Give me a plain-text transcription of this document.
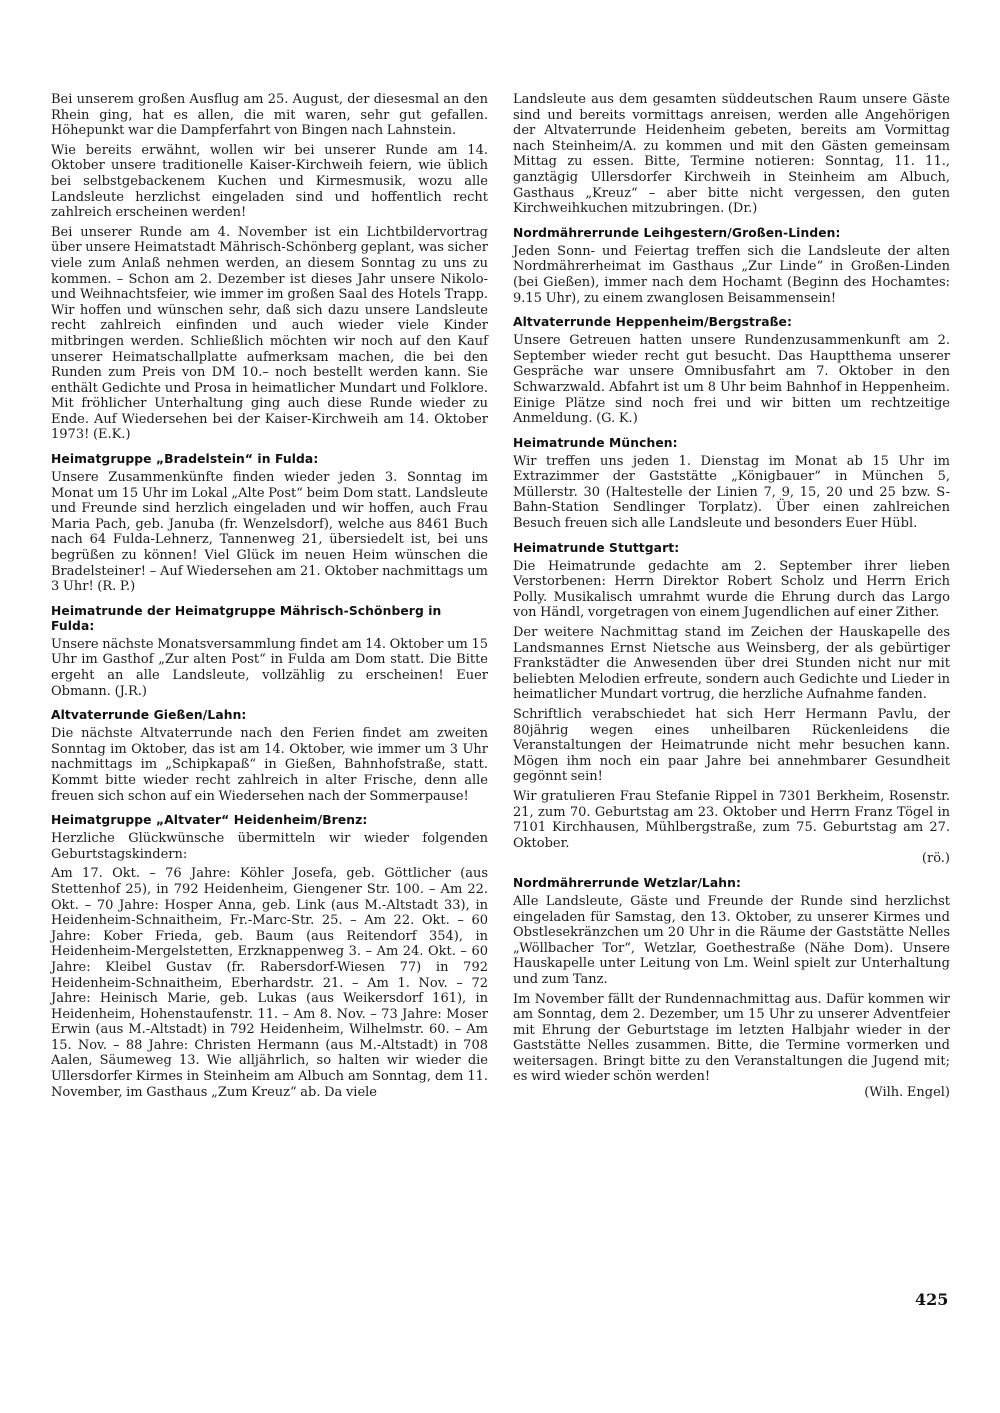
Bei unserem großen Ausflug am 25. August, der diesesmal an den Rhein ging, hat es allen, die mit waren, sehr gut gefallen. Höhepunkt war die Dampferfahrt von Bingen nach Lahnstein.

Wie bereits erwähnt, wollen wir bei unserer Runde am 14. Oktober unsere traditionelle Kaiser-Kirchweih feiern, wie üblich bei selbstgebackenem Kuchen und Kirmesmusik, wozu alle Landsleute herzlichst eingeladen sind und hoffentlich recht zahlreich erscheinen werden!

Bei unserer Runde am 4. November ist ein Lichtbildervortrag über unsere Heimatstadt Mährisch-Schönberg geplant, was sicher viele zum Anlaß nehmen werden, an diesem Sonntag zu uns zu kommen. – Schon am 2. Dezember ist dieses Jahr unsere Nikolo- und Weihnachtsfeier, wie immer im großen Saal des Hotels Trapp. Wir hoffen und wünschen sehr, daß sich dazu unsere Landsleute recht zahlreich einfinden und auch wieder viele Kinder mitbringen werden. Schließlich möchten wir noch auf den Kauf unserer Heimatschallplatte aufmerksam machen, die bei den Runden zum Preis von DM 10.– noch bestellt werden kann. Sie enthält Gedichte und Prosa in heimatlicher Mundart und Folklore. Mit fröhlicher Unterhaltung ging auch diese Runde wieder zu Ende. Auf Wiedersehen bei der Kaiser-Kirchweih am 14. Oktober 1973! (E.K.)

Heimatgruppe „Bradelstein“ in Fulda:

Unsere Zusammenkünfte finden wieder jeden 3. Sonntag im Monat um 15 Uhr im Lokal „Alte Post“ beim Dom statt. Landsleute und Freunde sind herzlich eingeladen und wir hoffen, auch Frau Maria Pach, geb. Januba (fr. Wenzelsdorf), welche aus 8461 Buch nach 64 Fulda-Lehnerz, Tannenweg 21, übersiedelt ist, bei uns begrüßen zu können! Viel Glück im neuen Heim wünschen die Bradelsteiner! – Auf Wiedersehen am 21. Oktober nachmittags um 3 Uhr! (R. P.)

Heimatrunde der Heimatgruppe Mährisch-Schönberg in Fulda:

Unsere nächste Monatsversammlung findet am 14. Oktober um 15 Uhr im Gasthof „Zur alten Post“ in Fulda am Dom statt. Die Bitte ergeht an alle Landsleute, vollzählig zu erscheinen! Euer Obmann. (J.R.)

Altvaterrunde Gießen/Lahn:

Die nächste Altvaterrunde nach den Ferien findet am zweiten Sonntag im Oktober, das ist am 14. Oktober, wie immer um 3 Uhr nachmittags im „Schipkapaß“ in Gießen, Bahnhofstraße, statt. Kommt bitte wieder recht zahlreich in alter Frische, denn alle freuen sich schon auf ein Wiedersehen nach der Sommerpause!

Heimatgruppe „Altvater“ Heidenheim/Brenz:

Herzliche Glückwünsche übermitteln wir wieder folgenden Geburtstagskindern:

Am 17. Okt. – 76 Jahre: Köhler Josefa, geb. Göttlicher (aus Stettenhof 25), in 792 Heidenheim, Giengener Str. 100. – Am 22. Okt. – 70 Jahre: Hosper Anna, geb. Link (aus M.-Altstadt 33), in Heidenheim-Schnaitheim, Fr.-Marc-Str. 25. – Am 22. Okt. – 60 Jahre: Kober Frieda, geb. Baum (aus Reitendorf 354), in Heidenheim-Mergelstetten, Erzknappenweg 3. – Am 24. Okt. – 60 Jahre: Kleibel Gustav (fr. Rabersdorf-Wiesen 77) in 792 Heidenheim-Schnaitheim, Eberhardstr. 21. – Am 1. Nov. – 72 Jahre: Heinisch Marie, geb. Lukas (aus Weikersdorf 161), in Heidenheim, Hohenstaufenstr. 11. – Am 8. Nov. – 73 Jahre: Moser Erwin (aus M.-Altstadt) in 792 Heidenheim, Wilhelmstr. 60. – Am 15. Nov. – 88 Jahre: Christen Hermann (aus M.-Altstadt) in 708 Aalen, Säumeweg 13. Wie alljährlich, so halten wir wieder die Ullersdorfer Kirmes in Steinheim am Albuch am Sonntag, dem 11. November, im Gasthaus „Zum Kreuz“ ab. Da viele

Landsleute aus dem gesamten süddeutschen Raum unsere Gäste sind und bereits vormittags anreisen, werden alle Angehörigen der Altvaterrunde Heidenheim gebeten, bereits am Vormittag nach Steinheim/A. zu kommen und mit den Gästen gemeinsam Mittag zu essen. Bitte, Termine notieren: Sonntag, 11. 11., ganztägig Ullersdorfer Kirchweih in Steinheim am Albuch, Gasthaus „Kreuz“ – aber bitte nicht vergessen, den guten Kirchweihkuchen mitzubringen. (Dr.)

Nordmährerrunde Leihgestern/Großen-Linden:

Jeden Sonn- und Feiertag treffen sich die Landsleute der alten Nordmährerheimat im Gasthaus „Zur Linde“ in Großen-Linden (bei Gießen), immer nach dem Hochamt (Beginn des Hochamtes: 9.15 Uhr), zu einem zwanglosen Beisammensein!

Altvaterrunde Heppenheim/Bergstraße:

Unsere Getreuen hatten unsere Rundenzusammenkunft am 2. September wieder recht gut besucht. Das Hauptthema unserer Gespräche war unsere Omnibusfahrt am 7. Oktober in den Schwarzwald. Abfahrt ist um 8 Uhr beim Bahnhof in Heppenheim. Einige Plätze sind noch frei und wir bitten um rechtzeitige Anmeldung. (G. K.)

Heimatrunde München:

Wir treffen uns jeden 1. Dienstag im Monat ab 15 Uhr im Extrazimmer der Gaststätte „Königbauer“ in München 5, Müllerstr. 30 (Haltestelle der Linien 7, 9, 15, 20 und 25 bzw. S-Bahn-Station Sendlinger Torplatz). Über einen zahlreichen Besuch freuen sich alle Landsleute und besonders Euer Hübl.

Heimatrunde Stuttgart:

Die Heimatrunde gedachte am 2. September ihrer lieben Verstorbenen: Herrn Direktor Robert Scholz und Herrn Erich Polly. Musikalisch umrahmt wurde die Ehrung durch das Largo von Händl, vorgetragen von einem Jugendlichen auf einer Zither.

Der weitere Nachmittag stand im Zeichen der Hauskapelle des Landsmannes Ernst Nietsche aus Weinsberg, der als gebürtiger Frankstädter die Anwesenden über drei Stunden nicht nur mit beliebten Melodien erfreute, sondern auch Gedichte und Lieder in heimatlicher Mundart vortrug, die herzliche Aufnahme fanden.

Schriftlich verabschiedet hat sich Herr Hermann Pavlu, der 80jährig wegen eines unheilbaren Rückenleidens die Veranstaltungen der Heimatrunde nicht mehr besuchen kann. Mögen ihm noch ein paar Jahre bei annehmbarer Gesundheit gegönnt sein!

Wir gratulieren Frau Stefanie Rippel in 7301 Berkheim, Rosenstr. 21, zum 70. Geburtstag am 23. Oktober und Herrn Franz Tögel in 7101 Kirchhausen, Mühlbergstraße, zum 75. Geburtstag am 27. Oktober.

(rö.)

Nordmährerrunde Wetzlar/Lahn:

Alle Landsleute, Gäste und Freunde der Runde sind herzlichst eingeladen für Samstag, den 13. Oktober, zu unserer Kirmes und Obstlesekränzchen um 20 Uhr in die Räume der Gaststätte Nelles „Wöllbacher Tor“, Wetzlar, Goethestraße (Nähe Dom). Unsere Hauskapelle unter Leitung von Lm. Weinl spielt zur Unterhaltung und zum Tanz.

Im November fällt der Rundennachmittag aus. Dafür kommen wir am Sonntag, dem 2. Dezember, um 15 Uhr zu unserer Adventfeier mit Ehrung der Geburtstage im letzten Halbjahr wieder in der Gaststätte Nelles zusammen. Bitte, die Termine vormerken und weitersagen. Bringt bitte zu den Veranstaltungen die Jugend mit; es wird wieder schön werden!

(Wilh. Engel)

425
